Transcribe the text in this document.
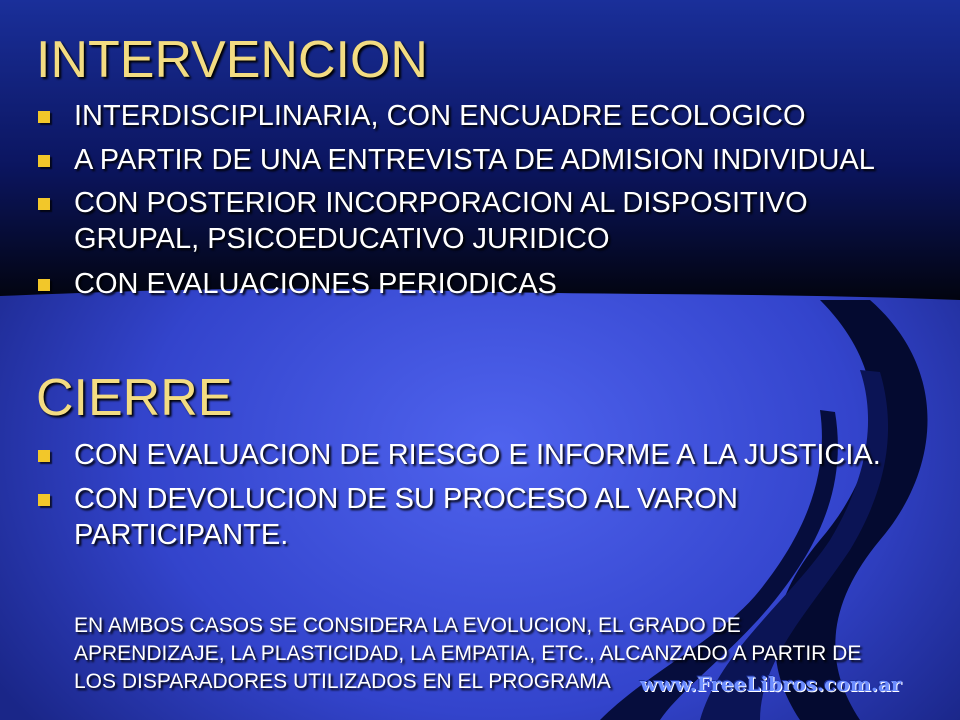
INTERVENCION
INTERDISCIPLINARIA, CON ENCUADRE ECOLOGICO
A PARTIR DE UNA ENTREVISTA DE ADMISION INDIVIDUAL
CON POSTERIOR INCORPORACION AL DISPOSITIVO GRUPAL, PSICOEDUCATIVO JURIDICO
CON EVALUACIONES PERIODICAS
CIERRE
CON EVALUACION DE RIESGO E INFORME A LA JUSTICIA.
CON DEVOLUCION DE SU PROCESO AL VARON PARTICIPANTE.
EN AMBOS CASOS SE CONSIDERA LA EVOLUCION, EL GRADO DE APRENDIZAJE, LA PLASTICIDAD, LA EMPATIA, ETC., ALCANZADO A PARTIR DE LOS DISPARADORES UTILIZADOS EN EL PROGRAMA	www.FreeLibros.com.ar
